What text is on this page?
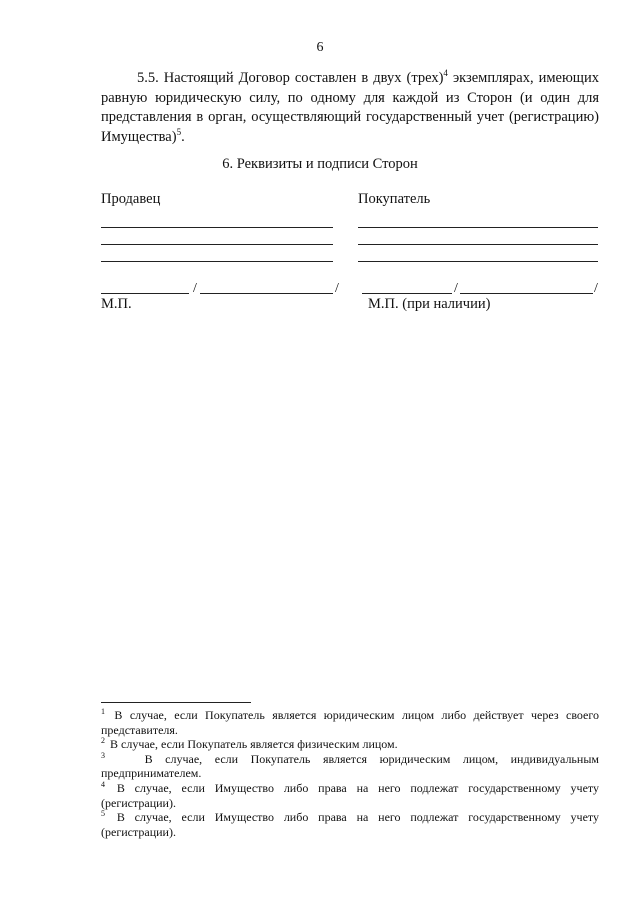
6

5.5. Настоящий Договор составлен в двух (трех)$^4$ экземплярах, имеющих равную юридическую силу, по одному для каждой из Сторон (и один для представления в орган, осуществляющий государственный учет (регистрацию) Имущества)$^5$.

6. Реквизиты и подписи Сторон
Продавец	Покупатель
/	/	/	/
М.П.	М.П. (при наличии)

$^1$ В случае, если Покупатель является юридическим лицом либо действует через своего представителя.

$^2$ В случае, если Покупатель является физическим лицом.

$^3$   В случае, если Покупатель является юридическим лицом, индивидуальным предпринимателем.

$^4$ В случае, если Имущество либо права на него подлежат государственному учету (регистрации).

$^5$ В случае, если Имущество либо права на него подлежат государственному учету (регистрации).
